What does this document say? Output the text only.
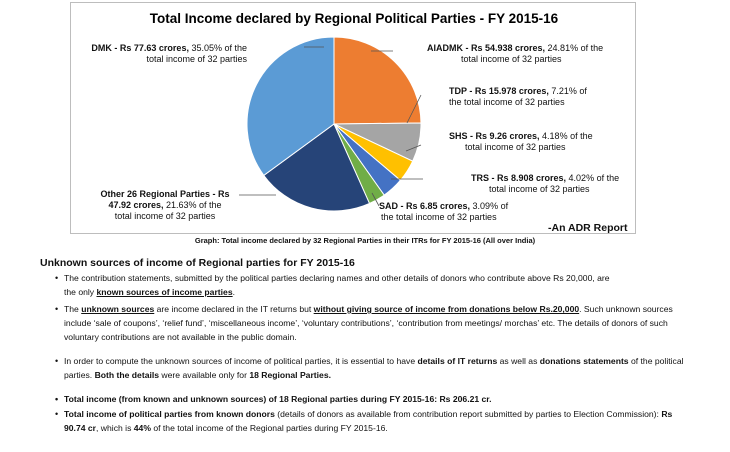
Total Income declared by Regional Political Parties - FY 2015-16
DMK - Rs 77.63 crores, 35.05% of the
total income of 32 parties
AIADMK - Rs 54.938 crores, 24.81% of the
total income of 32 parties
TDP - Rs 15.978 crores, 7.21% of
the total income of 32 parties
SHS - Rs 9.26 crores, 4.18% of the
total income of 32 parties
TRS - Rs 8.908 crores, 4.02% of the
total income of 32 parties
SAD - Rs 6.85 crores, 3.09% of
the total income of 32 parties
Other 26 Regional Parties - Rs
47.92 crores, 21.63% of the
total income of 32 parties
-An ADR Report
Graph: Total income declared by 32 Regional Parties in their ITRs for FY 2015-16 (All over India)
Unknown sources of income of Regional parties for FY 2015-16
• The contribution statements, submitted by the political parties declaring names and other details of donors who contribute above Rs 20,000, are
the only known sources of income parties.
• The unknown sources are income declared in the IT returns but without giving source of income from donations below Rs.20,000. Such unknown sources include ‘sale of coupons’, ‘relief fund’, ‘miscellaneous income’, ‘voluntary contributions’, ‘contribution from meetings/ morchas’ etc. The details of donors of such voluntary contributions are not available in the public domain.
• In order to compute the unknown sources of income of political parties, it is essential to have details of IT returns as well as donations statements of the political parties. Both the details were available only for 18 Regional Parties.
• Total income (from known and unknown sources) of 18 Regional parties during FY 2015-16: Rs 206.21 cr.
• Total income of political parties from known donors (details of donors as available from contribution report submitted by parties to Election Commission): Rs 90.74 cr, which is 44% of the total income of the Regional parties during FY 2015-16.
